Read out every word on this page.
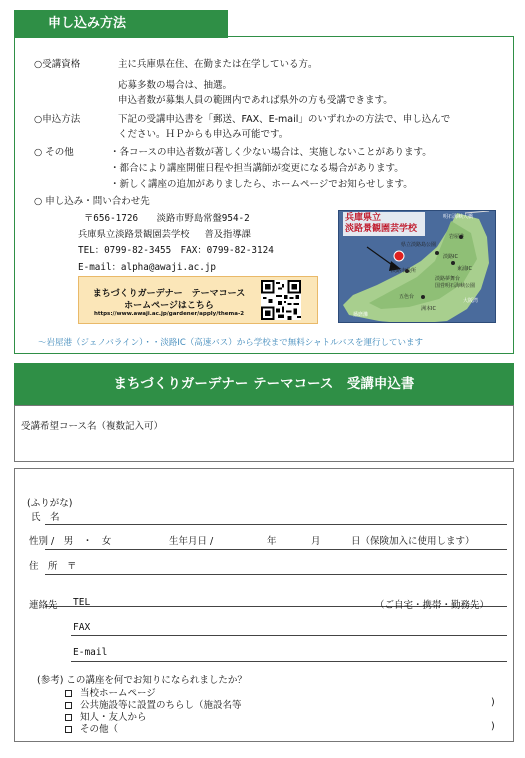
申し込み方法
○受講資格	主に兵庫県在住、在勤または在学している方。
応募多数の場合は、抽選。
申込者数が募集人員の範囲内であれば県外の方も受講できます。
○申込方法	下記の受講申込書を「郵送、FAX、E-mail」のいずれかの方法で、申し込んで
ください。ＨＰからも申込み可能です。
○ その他	・各コースの申込者数が著しく少ない場合は、実施しないことがあります。
・都合により講座開催日程や担当講師が変更になる場合があります。
・新しく講座の追加がありましたら、ホームページでお知らせします。
○ 申し込み・問い合わせ先
〒656-1726　　淡路市野島常盤954-2
兵庫県立淡路景観園芸学校　 普及指導課
TEL：0799-82-3455　FAX：0799-82-3124
E-mail：alpha@awaji.ac.jp
まちづくりガーデナー　テーマコース
ホームページはこちら
https://www.awaji.ac.jp/gardener/apply/thema-2
兵庫県立
淡路景観園芸学校
明石海峡大橋
岩屋港
県立淡路島公園
淡路IC
淡路市役所
淡路夢舞台
国営明石海峡公園
東浦IC
五色台
洲本IC
大阪湾
播磨灘
～岩屋港（ジェノバライン）・・淡路IC（高速バス）から学校まで無料シャトルバスを運行しています
まちづくりガーデナー テーマコース　受講申込書
受講希望コース名（複数記入可）
(ふりがな)
氏　名
性別 /　男　・　女	生年月日 /	年	月	日（保険加入に使用します）
住　所　〒
連絡先 TEL	（ご自宅・携帯・勤務先）
FAX
E-mail
(参考) この講座を何でお知りになられましたか？
当校ホームページ
公共施設等に設置のちらし（施設名等	)
知人・友人から
その他（	)
